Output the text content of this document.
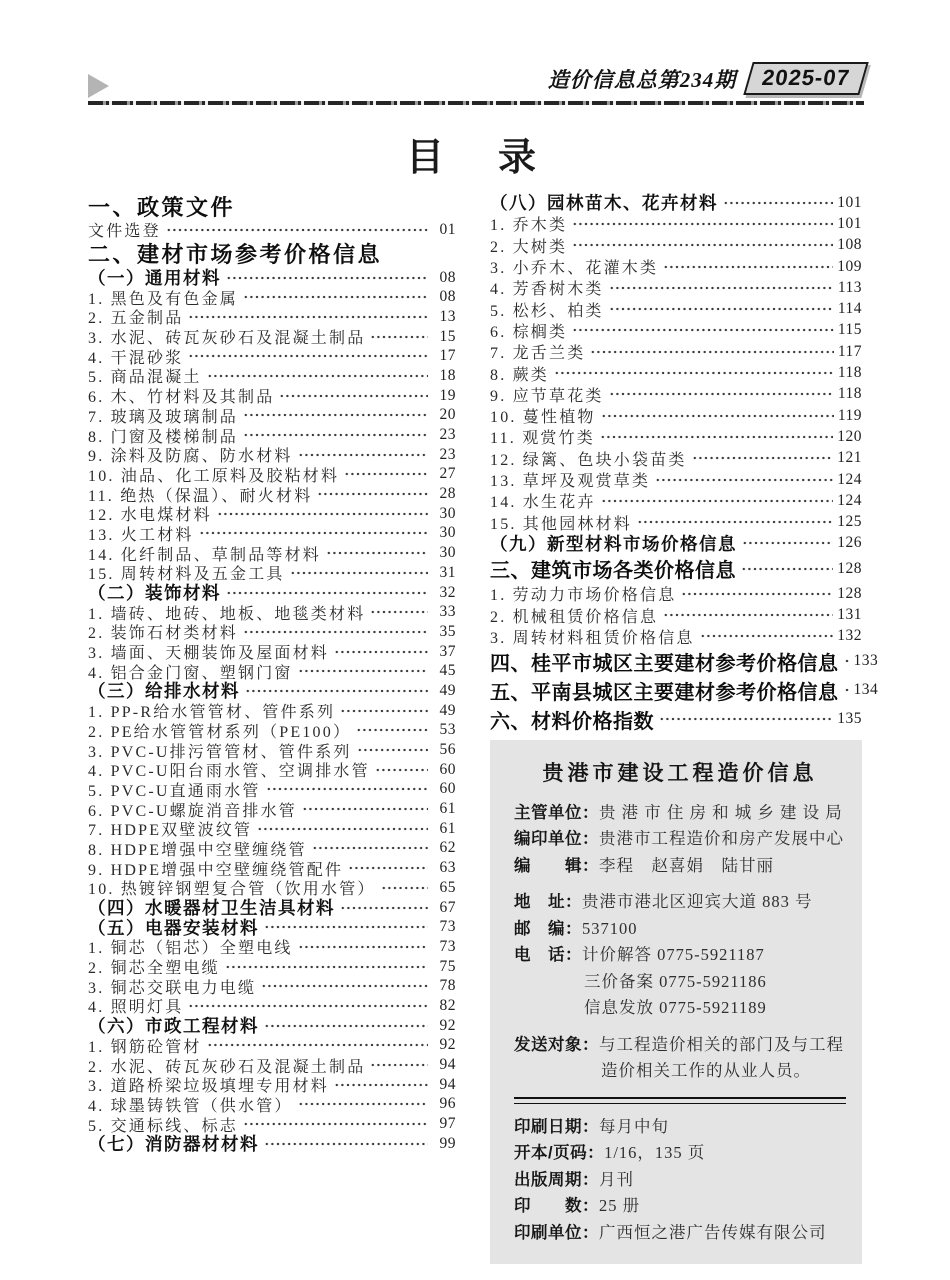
造价信息总第234期	2025-07
目　录
一、政策文件
文件选登	01
二、建材市场参考价格信息
（一）通用材料	08
1. 黑色及有色金属	08
2. 五金制品	13
3. 水泥、砖瓦灰砂石及混凝土制品	15
4. 干混砂浆	17
5. 商品混凝土	18
6. 木、竹材料及其制品	19
7. 玻璃及玻璃制品	20
8. 门窗及楼梯制品	23
9. 涂料及防腐、防水材料	23
10. 油品、化工原料及胶粘材料	27
11. 绝热（保温）、耐火材料	28
12. 水电煤材料	30
13. 火工材料	30
14. 化纤制品、草制品等材料	30
15. 周转材料及五金工具	31
（二）装饰材料	32
1. 墙砖、地砖、地板、地毯类材料	33
2. 装饰石材类材料	35
3. 墙面、天棚装饰及屋面材料	37
4. 铝合金门窗、塑钢门窗	45
（三）给排水材料	49
1. PP-R给水管管材、管件系列	49
2. PE给水管管材系列（PE100）	53
3. PVC-U排污管管材、管件系列	56
4. PVC-U阳台雨水管、空调排水管	60
5. PVC-U直通雨水管	60
6. PVC-U螺旋消音排水管	61
7. HDPE双壁波纹管	61
8. HDPE增强中空壁缠绕管	62
9. HDPE增强中空壁缠绕管配件	63
10. 热镀锌钢塑复合管（饮用水管）	65
（四）水暖器材卫生洁具材料	67
（五）电器安装材料	73
1. 铜芯（铝芯）全塑电线	73
2. 铜芯全塑电缆	75
3. 铜芯交联电力电缆	78
4. 照明灯具	82
（六）市政工程材料	92
1. 钢筋砼管材	92
2. 水泥、砖瓦灰砂石及混凝土制品	94
3. 道路桥梁垃圾填埋专用材料	94
4. 球墨铸铁管（供水管）	96
5. 交通标线、标志	97
（七）消防器材材料	99
（八）园林苗木、花卉材料	101
1. 乔木类	101
2. 大树类	108
3. 小乔木、花灌木类	109
4. 芳香树木类	113
5. 松杉、柏类	114
6. 棕榈类	115
7. 龙舌兰类	117
8. 蕨类	118
9. 应节草花类	118
10. 蔓性植物	119
11. 观赏竹类	120
12. 绿篱、色块小袋苗类	121
13. 草坪及观赏草类	124
14. 水生花卉	124
15. 其他园林材料	125
（九）新型材料市场价格信息	126
三、建筑市场各类价格信息	128
1. 劳动力市场价格信息	128
2. 机械租赁价格信息	131
3. 周转材料租赁价格信息	132
四、桂平市城区主要建材参考价格信息 133
五、平南县城区主要建材参考价格信息 134
六、材料价格指数	135
贵港市建设工程造价信息
主管单位： 贵 港 市 住 房 和 城 乡 建 设 局
编印单位： 贵港市工程造价和房产发展中心
编　　辑： 李程　赵喜娟　陆甘丽
地　址： 贵港市港北区迎宾大道 883 号
邮　编： 537100
电　话： 计价解答 0775-5921187
三价备案 0775-5921186
信息发放 0775-5921189
发送对象： 与工程造价相关的部门及与工程
造价相关工作的从业人员。
印刷日期： 每月中旬
开本/页码： 1/16，135 页
出版周期： 月刊
印　　数： 25 册
印刷单位： 广西恒之港广告传媒有限公司
